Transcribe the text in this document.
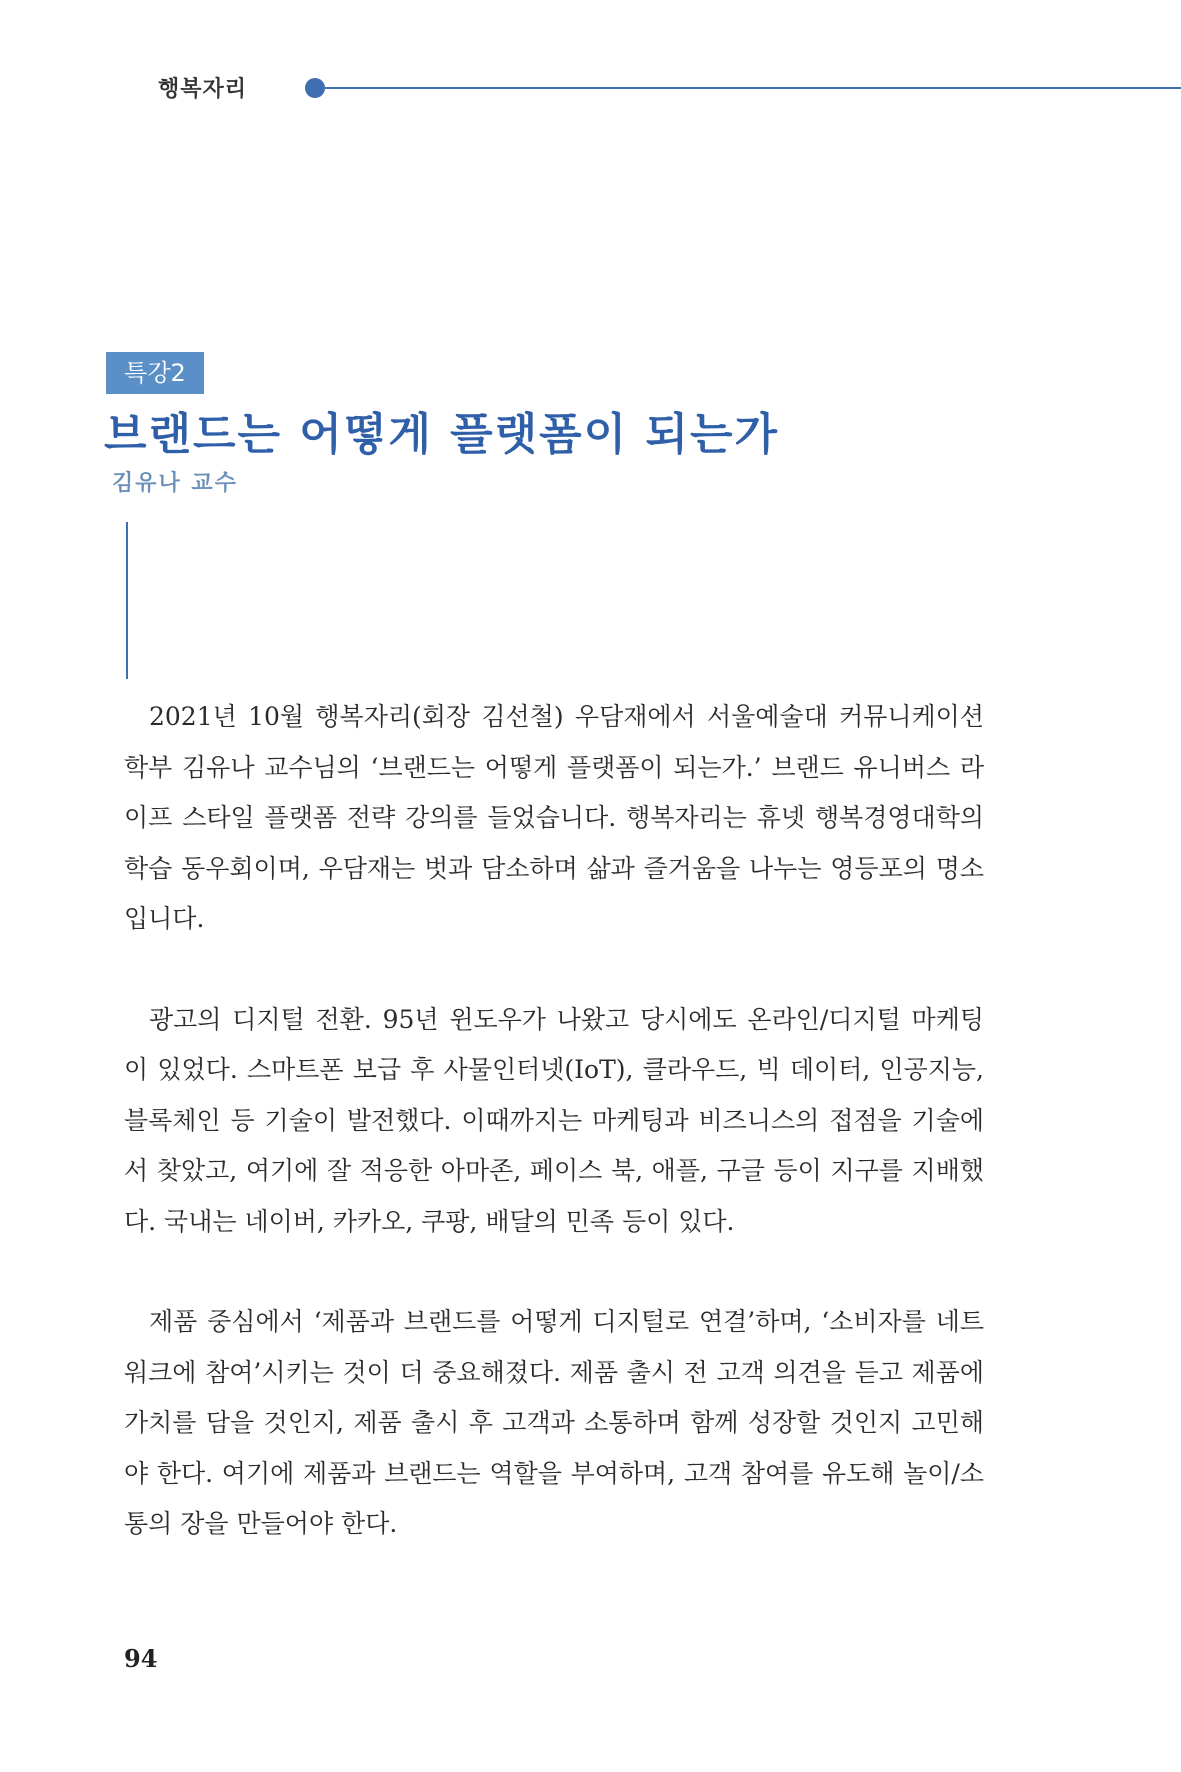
행복자리
특강2
브랜드는 어떻게 플랫폼이 되는가
김유나 교수

2021년 10월 행복자리(회장 김선철) 우담재에서 서울예술대 커뮤니케이션 학부 김유나 교수님의 ‘브랜드는 어떻게 플랫폼이 되는가.’ 브랜드 유니버스 라이프 스타일 플랫폼 전략 강의를 들었습니다. 행복자리는 휴넷 행복경영대학의 학습 동우회이며, 우담재는 벗과 담소하며 삶과 즐거움을 나누는 영등포의 명소입니다.

광고의 디지털 전환. 95년 윈도우가 나왔고 당시에도 온라인/디지털 마케팅이 있었다. 스마트폰 보급 후 사물인터넷(IoT), 클라우드, 빅 데이터, 인공지능, 블록체인 등 기술이 발전했다. 이때까지는 마케팅과 비즈니스의 접점을 기술에서 찾았고, 여기에 잘 적응한 아마존, 페이스 북, 애플, 구글 등이 지구를 지배했다. 국내는 네이버, 카카오, 쿠팡, 배달의 민족 등이 있다.

제품 중심에서 ‘제품과 브랜드를 어떻게 디지털로 연결’하며, ‘소비자를 네트워크에 참여’시키는 것이 더 중요해졌다. 제품 출시 전 고객 의견을 듣고 제품에 가치를 담을 것인지, 제품 출시 후 고객과 소통하며 함께 성장할 것인지 고민해야 한다. 여기에 제품과 브랜드는 역할을 부여하며, 고객 참여를 유도해 놀이/소통의 장을 만들어야 한다.

94
